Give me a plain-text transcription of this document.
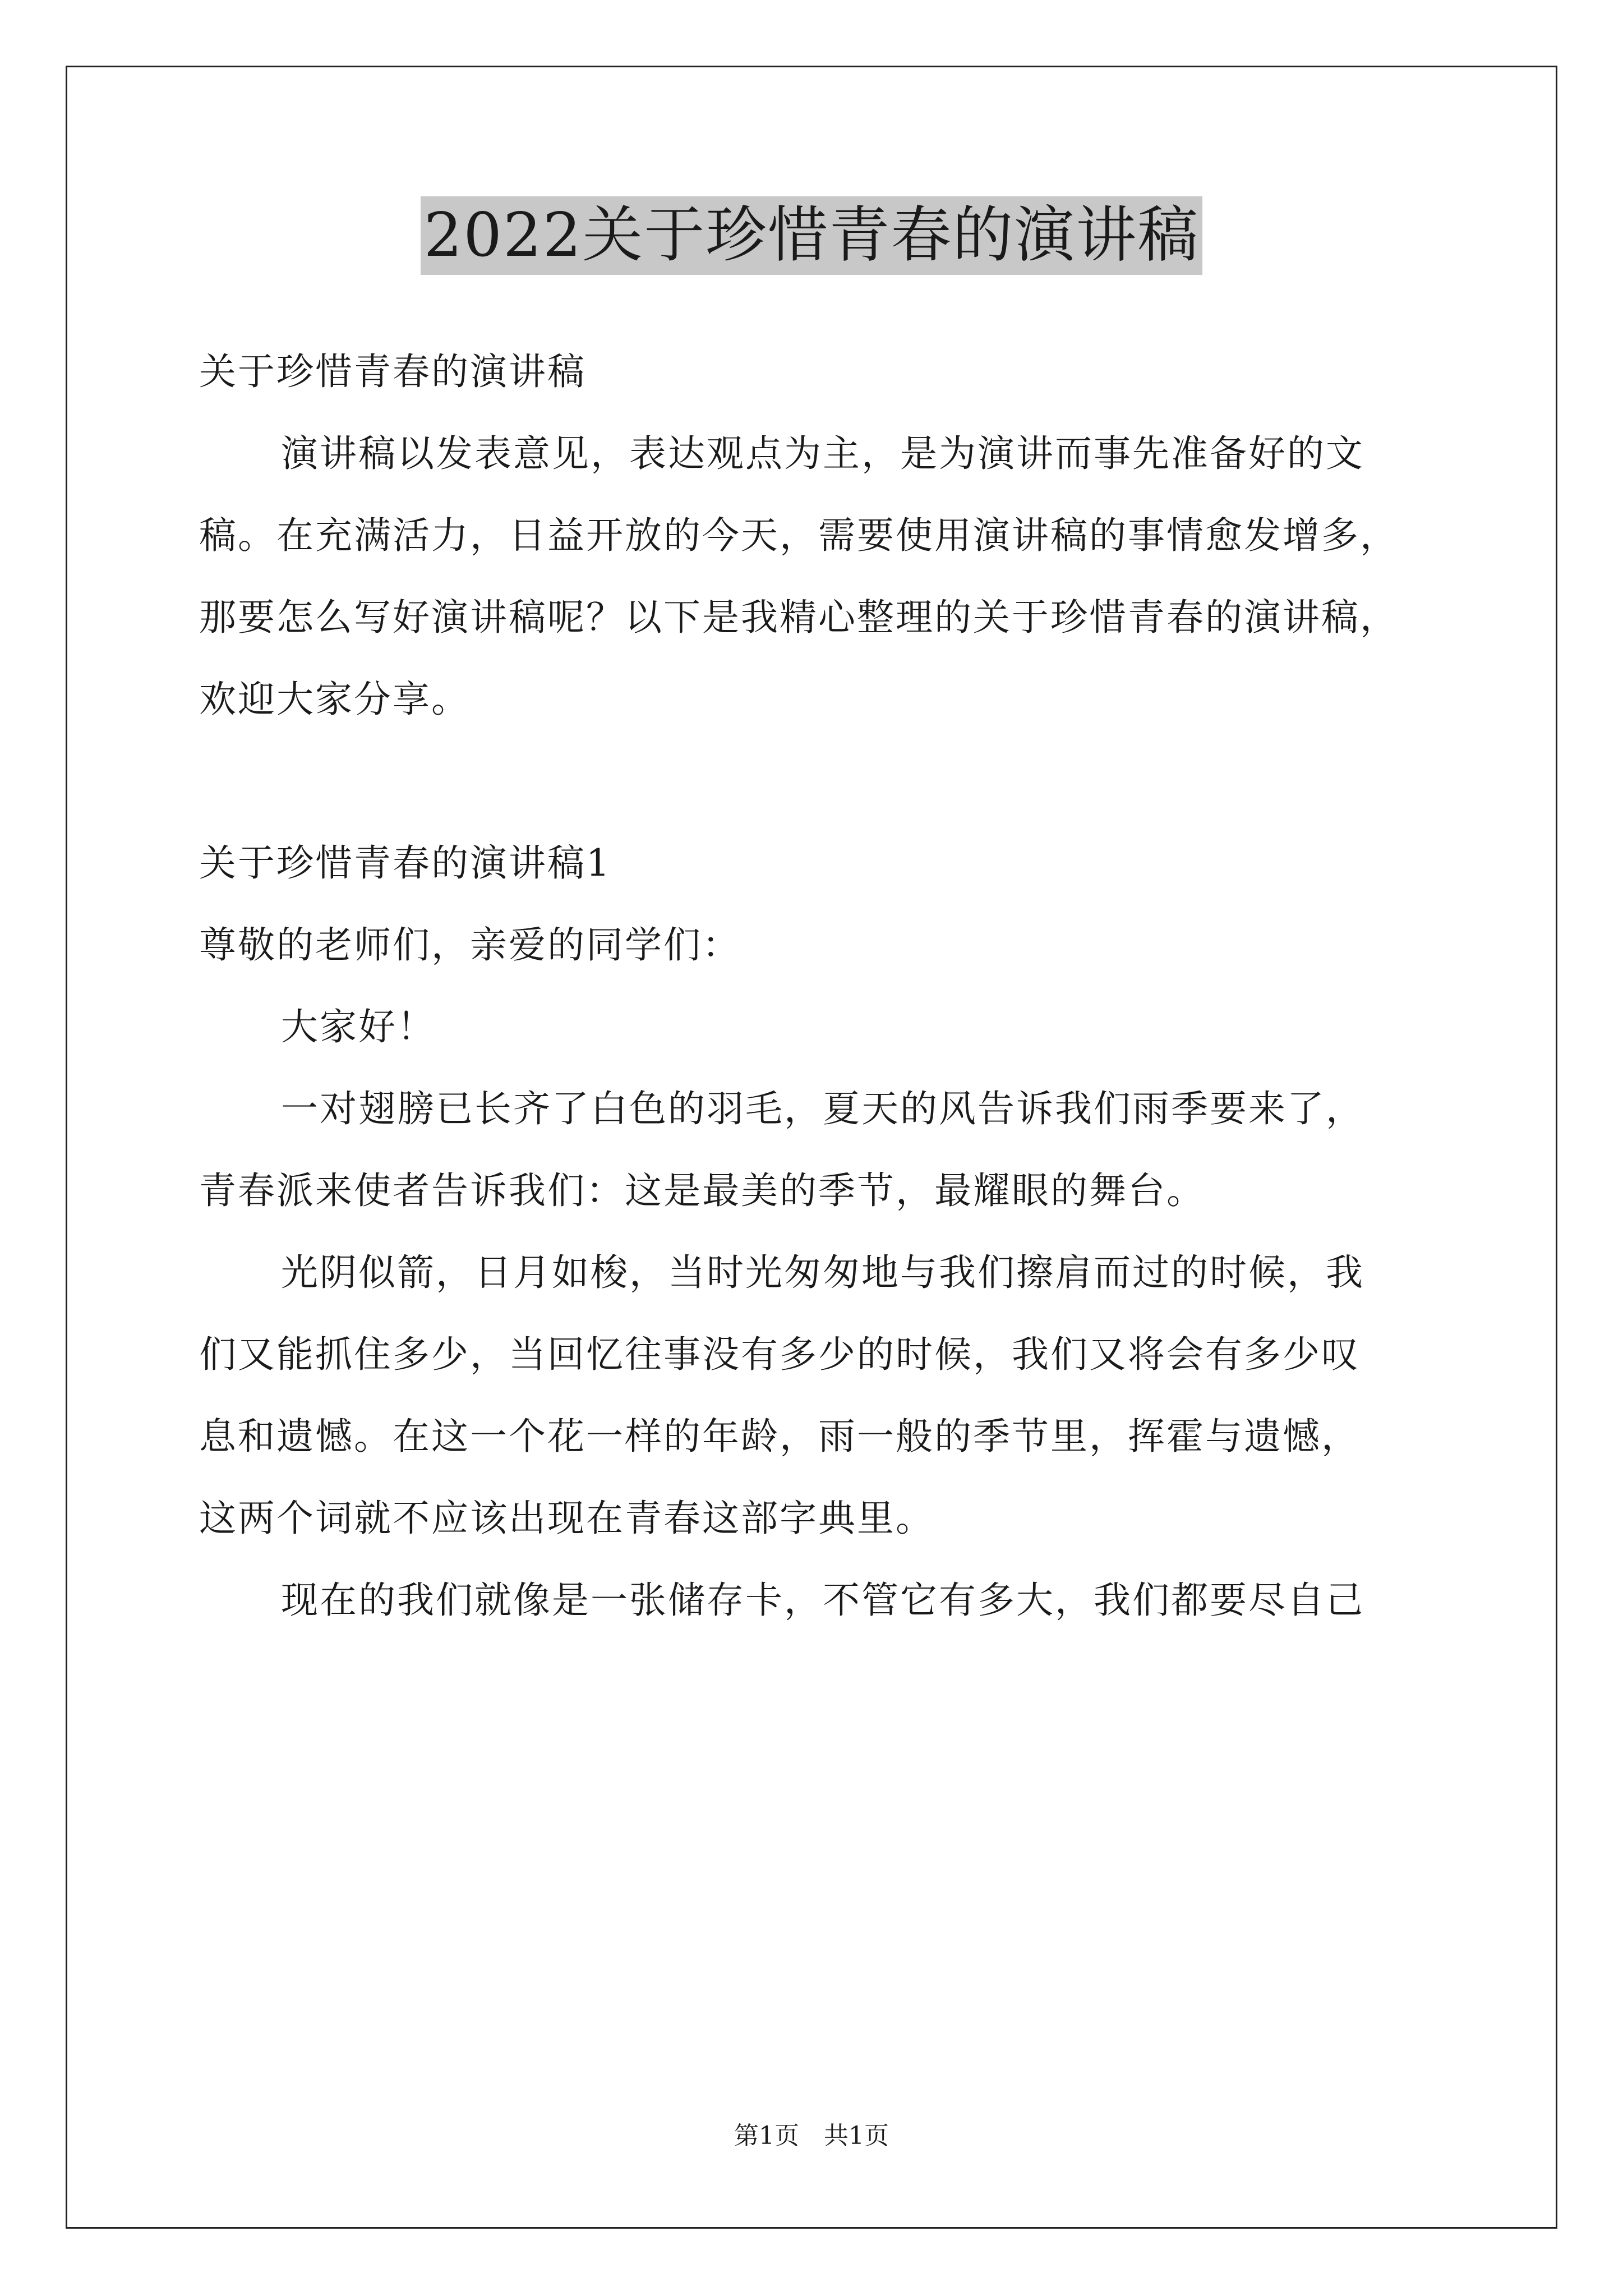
2022关于珍惜青春的演讲稿
关于珍惜青春的演讲稿
演讲稿以发表意见，表达观点为主，是为演讲而事先准备好的文
稿。在充满活力，日益开放的今天，需要使用演讲稿的事情愈发增多，
那要怎么写好演讲稿呢？以下是我精心整理的关于珍惜青春的演讲稿，
欢迎大家分享。
关于珍惜青春的演讲稿1
尊敬的老师们，亲爱的同学们：
大家好！
一对翅膀已长齐了白色的羽毛，夏天的风告诉我们雨季要来了，
青春派来使者告诉我们：这是最美的季节，最耀眼的舞台。
光阴似箭，日月如梭，当时光匆匆地与我们擦肩而过的时候，我
们又能抓住多少，当回忆往事没有多少的时候，我们又将会有多少叹
息和遗憾。在这一个花一样的年龄，雨一般的季节里，挥霍与遗憾，
这两个词就不应该出现在青春这部字典里。
现在的我们就像是一张储存卡，不管它有多大，我们都要尽自己
第1页 共1页
